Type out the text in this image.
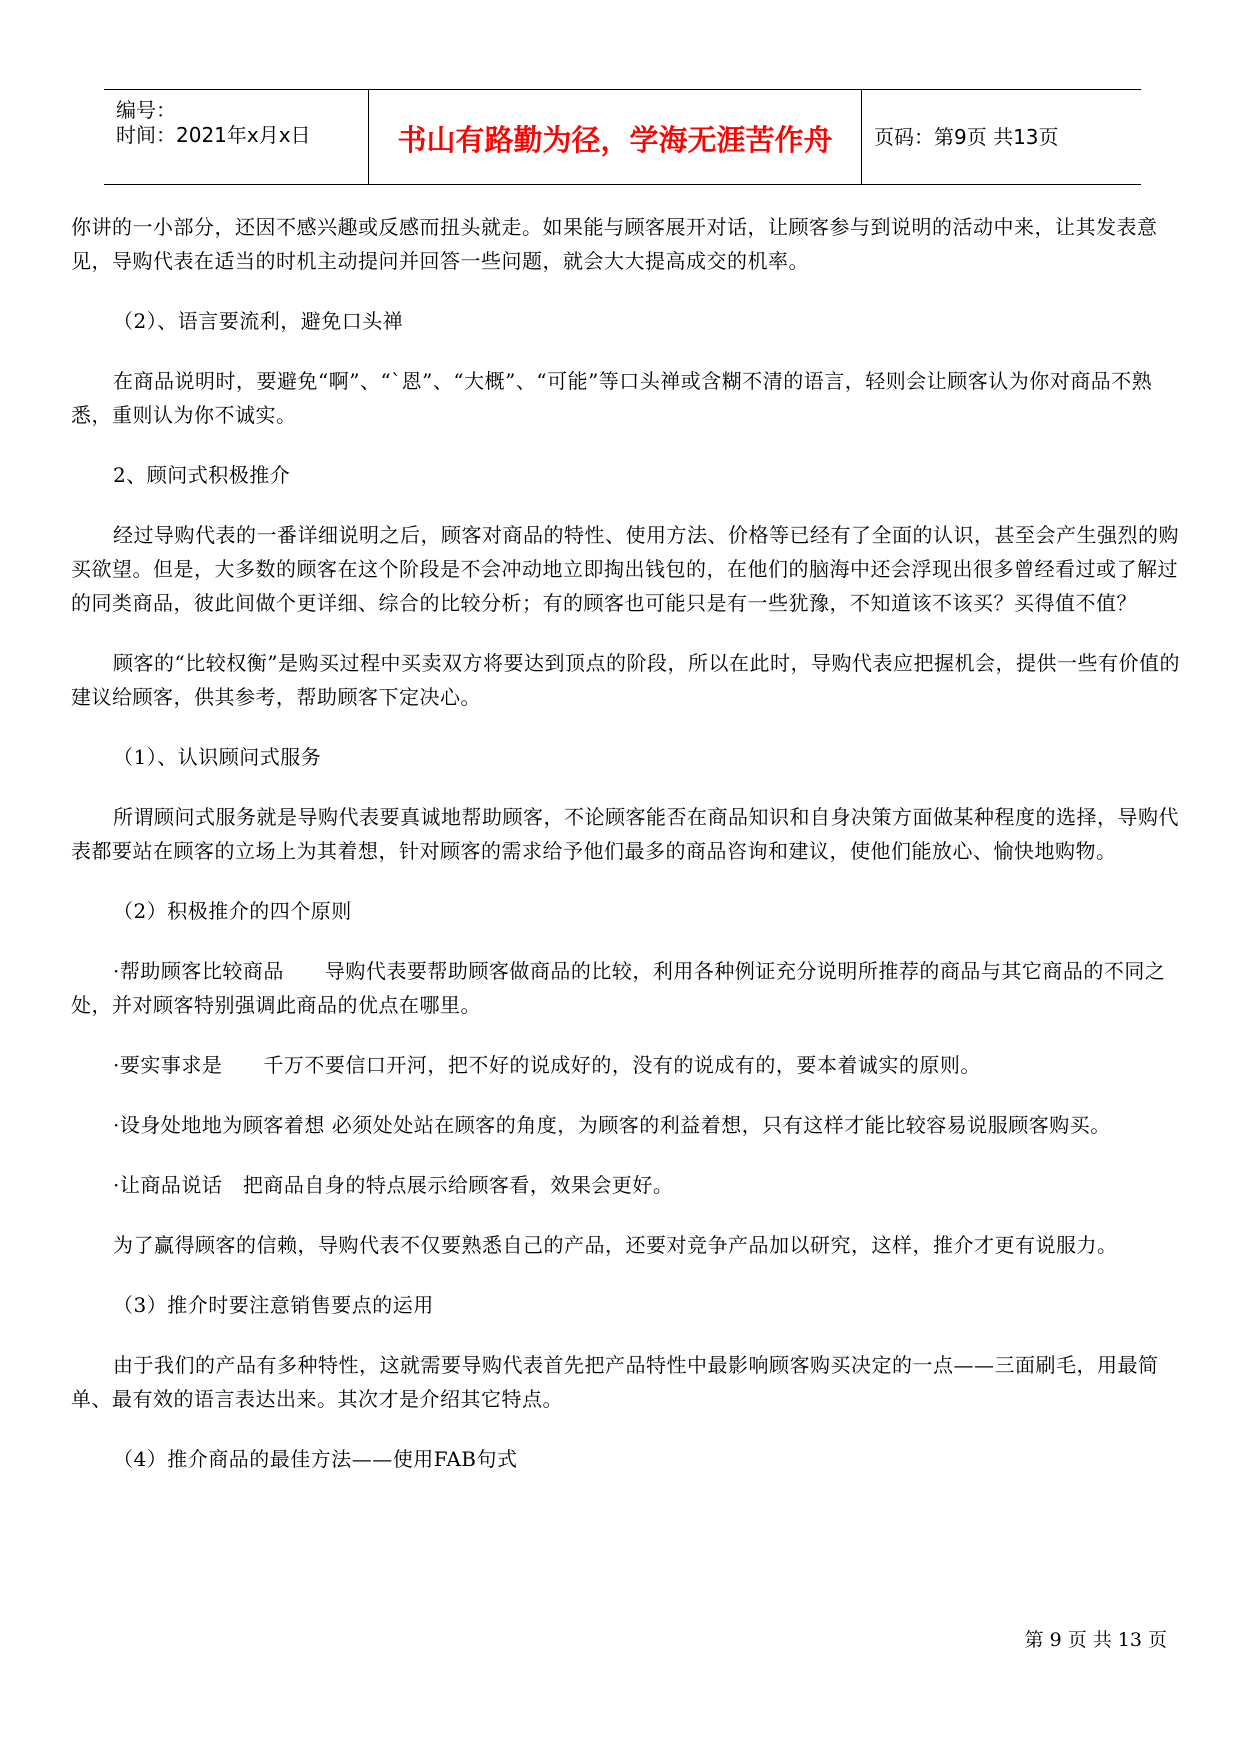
编号：
时间：2021年x月x日	书山有路勤为径，学海无涯苦作舟	页码：第9页 共13页

你讲的一小部分，还因不感兴趣或反感而扭头就走。如果能与顾客展开对话，让顾客参与到说明的活动中来，让其发表意见，导购代表在适当的时机主动提问并回答一些问题，就会大大提高成交的机率。

（2）、语言要流利，避免口头禅

在商品说明时，要避免“啊”、“`恩”、“大概”、“可能”等口头禅或含糊不清的语言，轻则会让顾客认为你对商品不熟悉，重则认为你不诚实。

2、顾问式积极推介

经过导购代表的一番详细说明之后，顾客对商品的特性、使用方法、价格等已经有了全面的认识，甚至会产生强烈的购买欲望。但是，大多数的顾客在这个阶段是不会冲动地立即掏出钱包的，在他们的脑海中还会浮现出很多曾经看过或了解过的同类商品，彼此间做个更详细、综合的比较分析；有的顾客也可能只是有一些犹豫，不知道该不该买？买得值不值？

顾客的“比较权衡”是购买过程中买卖双方将要达到顶点的阶段，所以在此时，导购代表应把握机会，提供一些有价值的建议给顾客，供其参考，帮助顾客下定决心。

（1）、认识顾问式服务

所谓顾问式服务就是导购代表要真诚地帮助顾客，不论顾客能否在商品知识和自身决策方面做某种程度的选择，导购代表都要站在顾客的立场上为其着想，针对顾客的需求给予他们最多的商品咨询和建议，使他们能放心、愉快地购物。

（2）积极推介的四个原则

·帮助顾客比较商品　　导购代表要帮助顾客做商品的比较，利用各种例证充分说明所推荐的商品与其它商品的不同之处，并对顾客特别强调此商品的优点在哪里。

·要实事求是　　千万不要信口开河，把不好的说成好的，没有的说成有的，要本着诚实的原则。

·设身处地地为顾客着想 必须处处站在顾客的角度，为顾客的利益着想，只有这样才能比较容易说服顾客购买。

·让商品说话　把商品自身的特点展示给顾客看，效果会更好。

为了赢得顾客的信赖，导购代表不仅要熟悉自己的产品，还要对竞争产品加以研究，这样，推介才更有说服力。

（3）推介时要注意销售要点的运用

由于我们的产品有多种特性，这就需要导购代表首先把产品特性中最影响顾客购买决定的一点——三面刷毛，用最简单、最有效的语言表达出来。其次才是介绍其它特点。

（4）推介商品的最佳方法——使用FAB句式

第 9 页 共 13 页
